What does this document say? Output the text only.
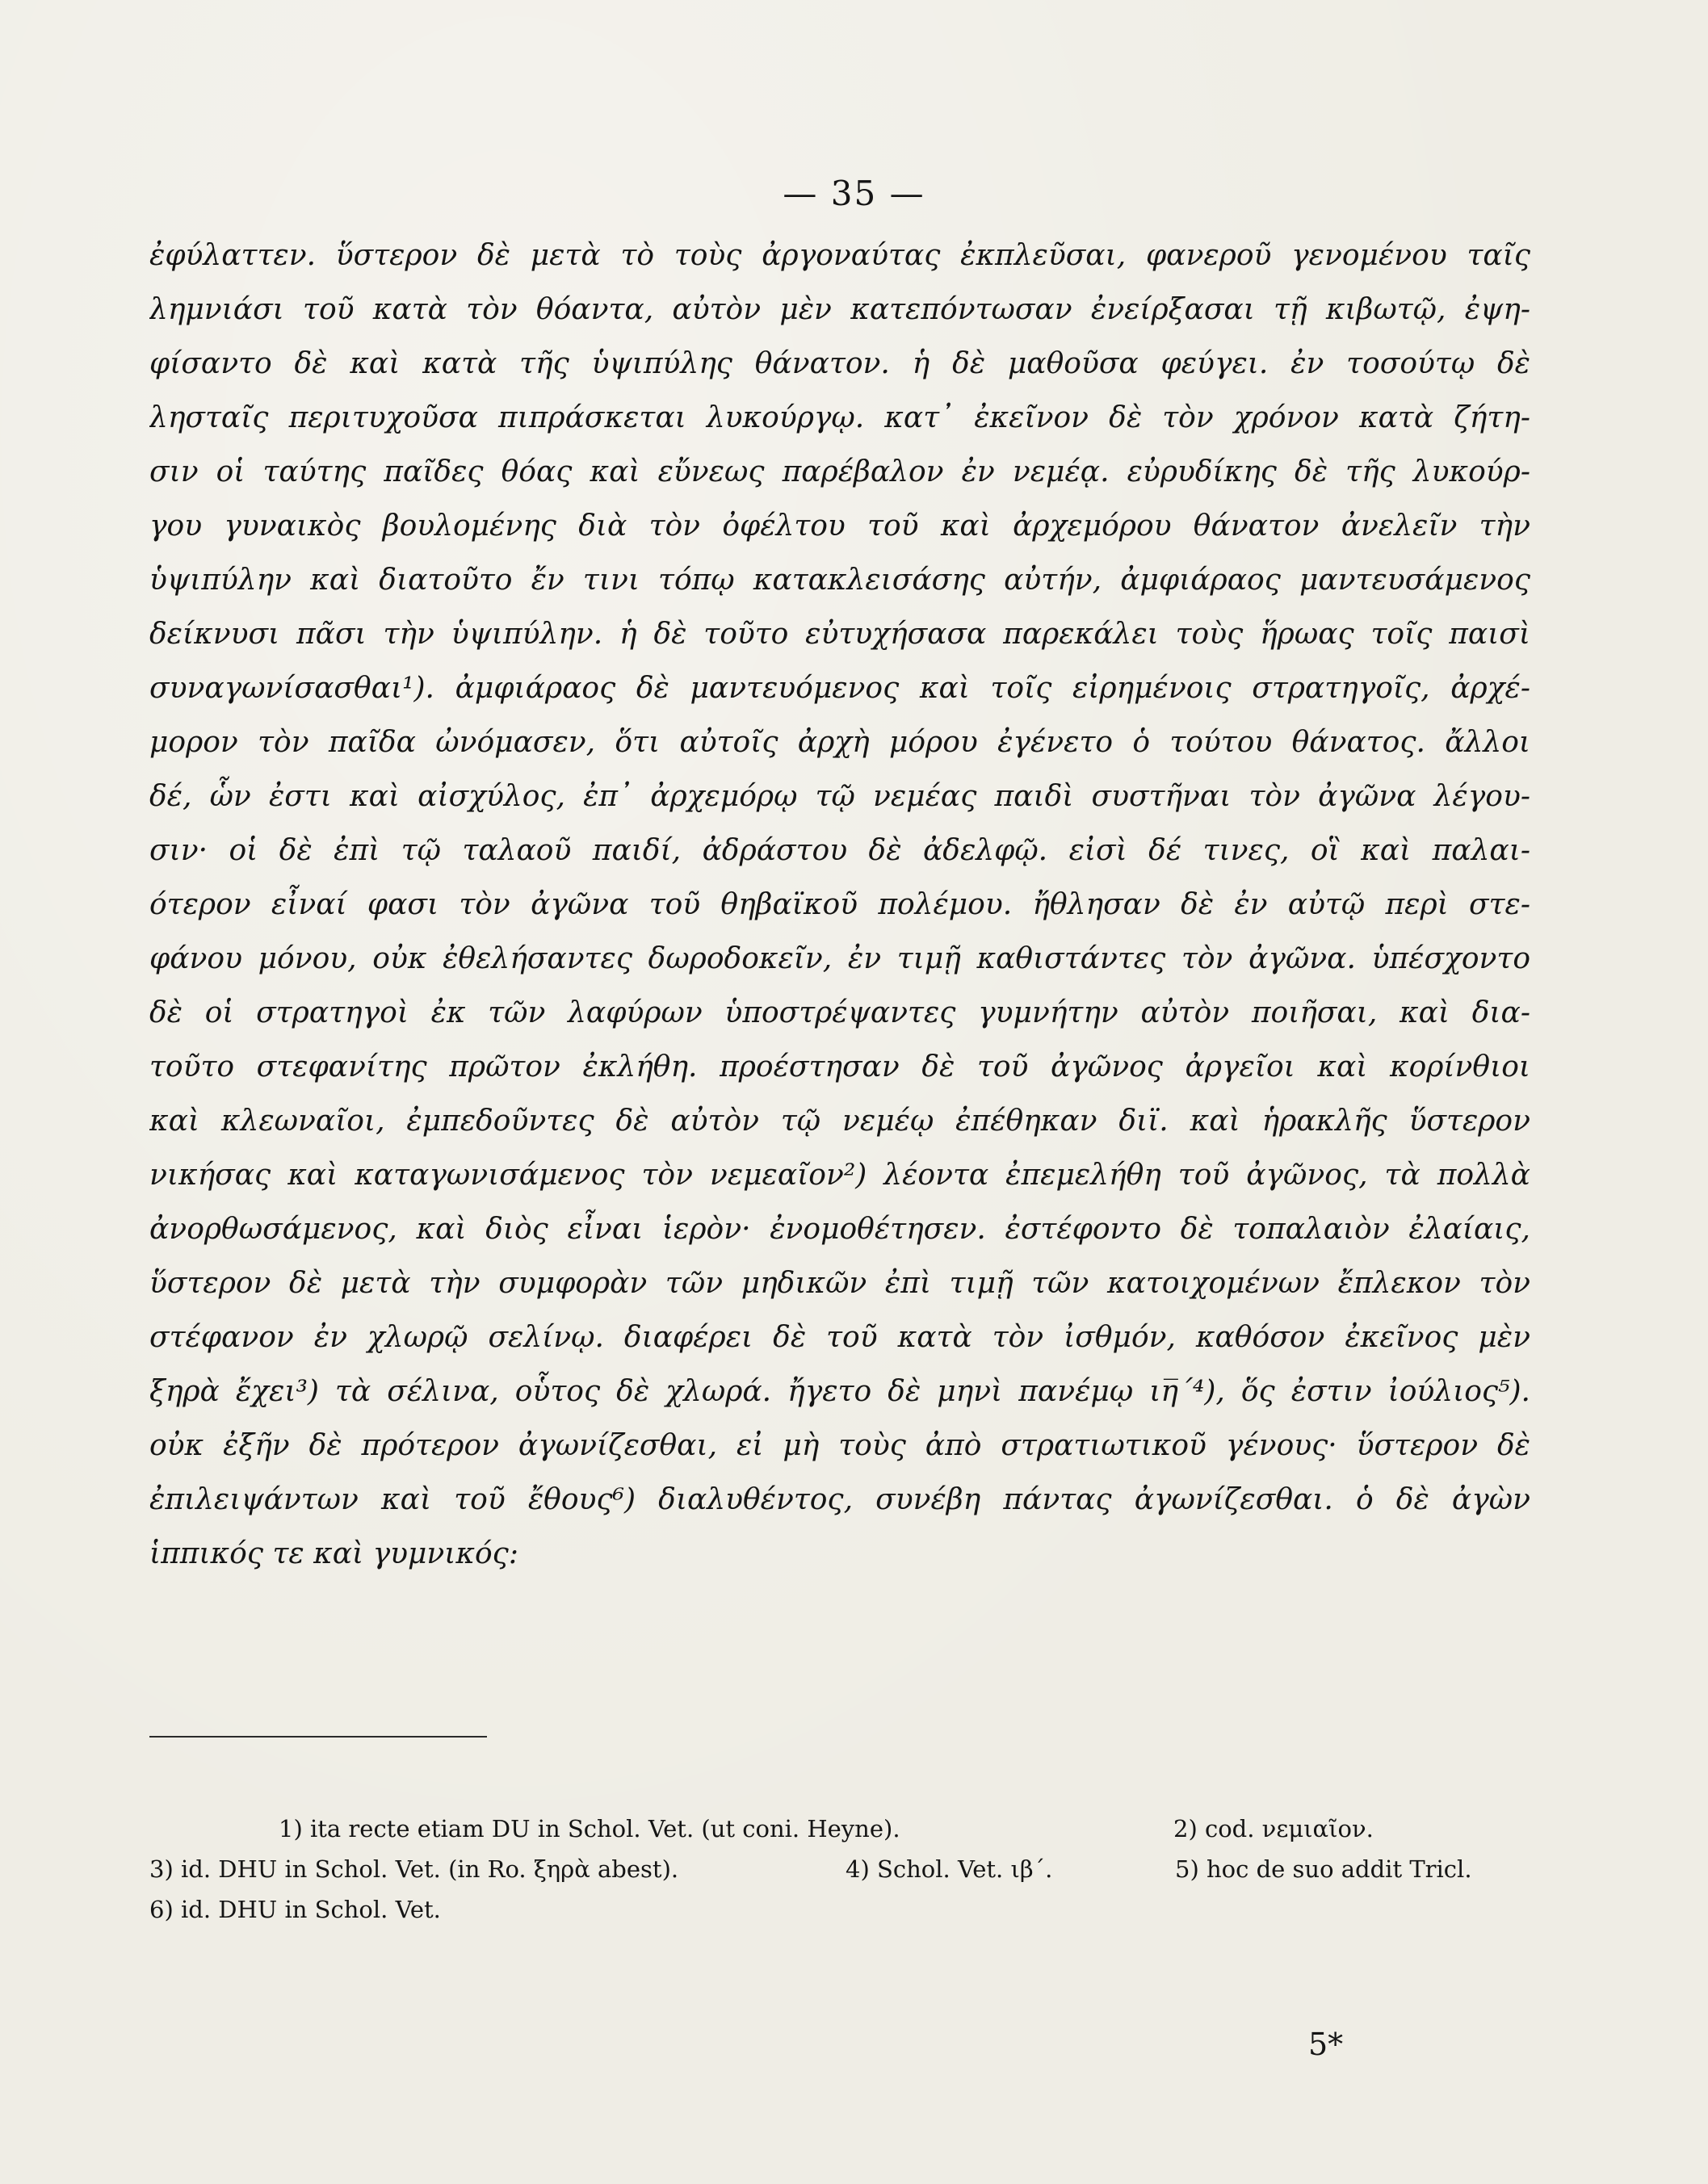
— 35 —
ἐφύλαττεν. ὕστερον δὲ μετὰ τὸ τοὺς ἀργοναύτας ἐκπλεῦσαι, φανεροῦ γενομένου ταῖς
λημνιάσι τοῦ κατὰ τὸν θόαντα, αὐτὸν μὲν κατεπόντωσαν ἐνείρξασαι τῇ κιβωτῷ, ἐψη-
φίσαντο δὲ καὶ κατὰ τῆς ὑψιπύλης θάνατον. ἡ δὲ μαθοῦσα φεύγει. ἐν τοσούτῳ δὲ
λησταῖς περιτυχοῦσα πιπράσκεται λυκούργῳ. κατ᾽ ἐκεῖνον δὲ τὸν χρόνον κατὰ ζήτη-
σιν οἱ ταύτης παῖδες θόας καὶ εὔνεως παρέβαλον ἐν νεμέᾳ. εὐρυδίκης δὲ τῆς λυκούρ-
γου γυναικὸς βουλομένης διὰ τὸν ὀφέλτου τοῦ καὶ ἀρχεμόρου θάνατον ἀνελεῖν τὴν
ὑψιπύλην καὶ διατοῦτο ἔν τινι τόπῳ κατακλεισάσης αὐτήν, ἀμφιάραος μαντευσάμενος
δείκνυσι πᾶσι τὴν ὑψιπύλην. ἡ δὲ τοῦτο εὐτυχήσασα παρεκάλει τοὺς ἥρωας τοῖς παισὶ
συναγωνίσασθαι¹). ἀμφιάραος δὲ μαντευόμενος καὶ τοῖς εἰρημένοις στρατηγοῖς, ἀρχέ-
μορον τὸν παῖδα ὠνόμασεν, ὅτι αὐτοῖς ἀρχὴ μόρου ἐγένετο ὁ τούτου θάνατος. ἄλλοι
δέ, ὧν ἐστι καὶ αἰσχύλος, ἐπ᾽ ἀρχεμόρῳ τῷ νεμέας παιδὶ συστῆναι τὸν ἀγῶνα λέγου-
σιν· οἱ δὲ ἐπὶ τῷ ταλαοῦ παιδί, ἀδράστου δὲ ἀδελφῷ. εἰσὶ δέ τινες, οἳ καὶ παλαι-
ότερον εἶναί φασι τὸν ἀγῶνα τοῦ θηβαϊκοῦ πολέμου. ἤθλησαν δὲ ἐν αὐτῷ περὶ στε-
φάνου μόνου, οὐκ ἐθελήσαντες δωροδοκεῖν, ἐν τιμῇ καθιστάντες τὸν ἀγῶνα. ὑπέσχοντο
δὲ οἱ στρατηγοὶ ἐκ τῶν λαφύρων ὑποστρέψαντες γυμνήτην αὐτὸν ποιῆσαι, καὶ δια-
τοῦτο στεφανίτης πρῶτον ἐκλήθη. προέστησαν δὲ τοῦ ἀγῶνος ἀργεῖοι καὶ κορίνθιοι
καὶ κλεωναῖοι, ἐμπεδοῦντες δὲ αὐτὸν τῷ νεμέῳ ἐπέθηκαν διϊ. καὶ ἡρακλῆς ὕστερον
νικήσας καὶ καταγωνισάμενος τὸν νεμεαῖον²) λέοντα ἐπεμελήθη τοῦ ἀγῶνος, τὰ πολλὰ
ἀνορθωσάμενος, καὶ διὸς εἶναι ἱερὸν· ἐνομοθέτησεν. ἐστέφοντο δὲ τοπαλαιὸν ἐλαίαις,
ὕστερον δὲ μετὰ τὴν συμφορὰν τῶν μηδικῶν ἐπὶ τιμῇ τῶν κατοιχομένων ἔπλεκον τὸν
στέφανον ἐν χλωρῷ σελίνῳ. διαφέρει δὲ τοῦ κατὰ τὸν ἰσθμόν, καθόσον ἐκεῖνος μὲν
ξηρὰ ἔχει³) τὰ σέλινα, οὗτος δὲ χλωρά. ἤγετο δὲ μηνὶ πανέμῳ ιη̅΄⁴), ὅς ἐστιν ἰούλιος⁵).
οὐκ ἐξῆν δὲ πρότερον ἀγωνίζεσθαι, εἰ μὴ τοὺς ἀπὸ στρατιωτικοῦ γένους· ὕστερον δὲ
ἐπιλειψάντων καὶ τοῦ ἔθους⁶) διαλυθέντος, συνέβη πάντας ἀγωνίζεσθαι. ὁ δὲ ἀγὼν
ἱππικός τε καὶ γυμνικός:
1) ita recte etiam DU in Schol. Vet. (ut coni. Heyne).	2) cod. νεμιαῖον.
3) id. DHU in Schol. Vet. (in Ro. ξηρὰ abest).	4) Schol. Vet. ιβ΄.	5) hoc de suo addit Tricl.
6) id. DHU in Schol. Vet.
5*
